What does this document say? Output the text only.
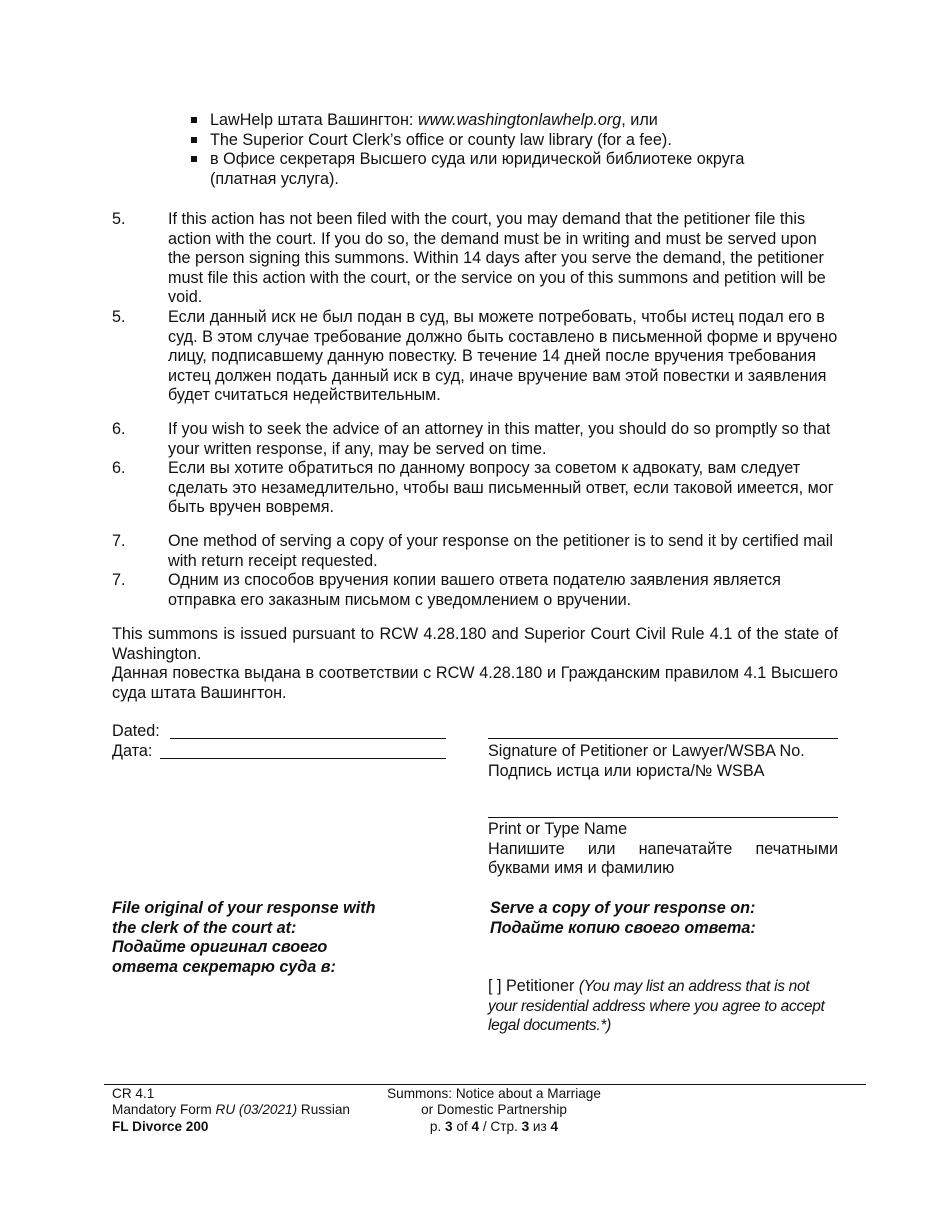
LawHelp штата Вашингтон: www.washingtonlawhelp.org, или
The Superior Court Clerk’s office or county law library (for a fee).
в Офисе секретаря Высшего суда или юридической библиотеке округа (платная услуга).
5.	If this action has not been filed with the court, you may demand that the petitioner file this action with the court. If you do so, the demand must be in writing and must be served upon the person signing this summons. Within 14 days after you serve the demand, the petitioner must file this action with the court, or the service on you of this summons and petition will be void.
5.	Если данный иск не был подан в суд, вы можете потребовать, чтобы истец подал его в суд. В этом случае требование должно быть составлено в письменной форме и вручено лицу, подписавшему данную повестку. В течение 14 дней после вручения требования истец должен подать данный иск в суд, иначе вручение вам этой повестки и заявления будет считаться недействительным.
6.	If you wish to seek the advice of an attorney in this matter, you should do so promptly so that your written response, if any, may be served on time.
6.	Если вы хотите обратиться по данному вопросу за советом к адвокату, вам следует сделать это незамедлительно, чтобы ваш письменный ответ, если таковой имеется, мог быть вручен вовремя.
7.	One method of serving a copy of your response on the petitioner is to send it by certified mail with return receipt requested.
7.	Одним из способов вручения копии вашего ответа подателю заявления является отправка его заказным письмом с уведомлением о вручении.
This summons is issued pursuant to RCW 4.28.180 and Superior Court Civil Rule 4.1 of the state of Washington.
Данная повестка выдана в соответствии с RCW 4.28.180 и Гражданским правилом 4.1 Высшего суда штата Вашингтон.
Dated:
Дата:	Signature of Petitioner or Lawyer/WSBA No.
Подпись истца или юриста/№ WSBA
Print or Type Name
Напишите или напечатайте печатными
буквами имя и фамилию
File original of your response with
the clerk of the court at:
Подайте оригинал своего
ответа секретарю суда в:
Serve a copy of your response on:
Подайте копию своего ответа:
[ ] Petitioner (You may list an address that is not your residential address where you agree to accept legal documents.*)
CR 4.1
Mandatory Form RU (03/2021) Russian
FL Divorce 200
Summons: Notice about a Marriage
or Domestic Partnership
p. 3 of 4 / Стр. 3 из 4
